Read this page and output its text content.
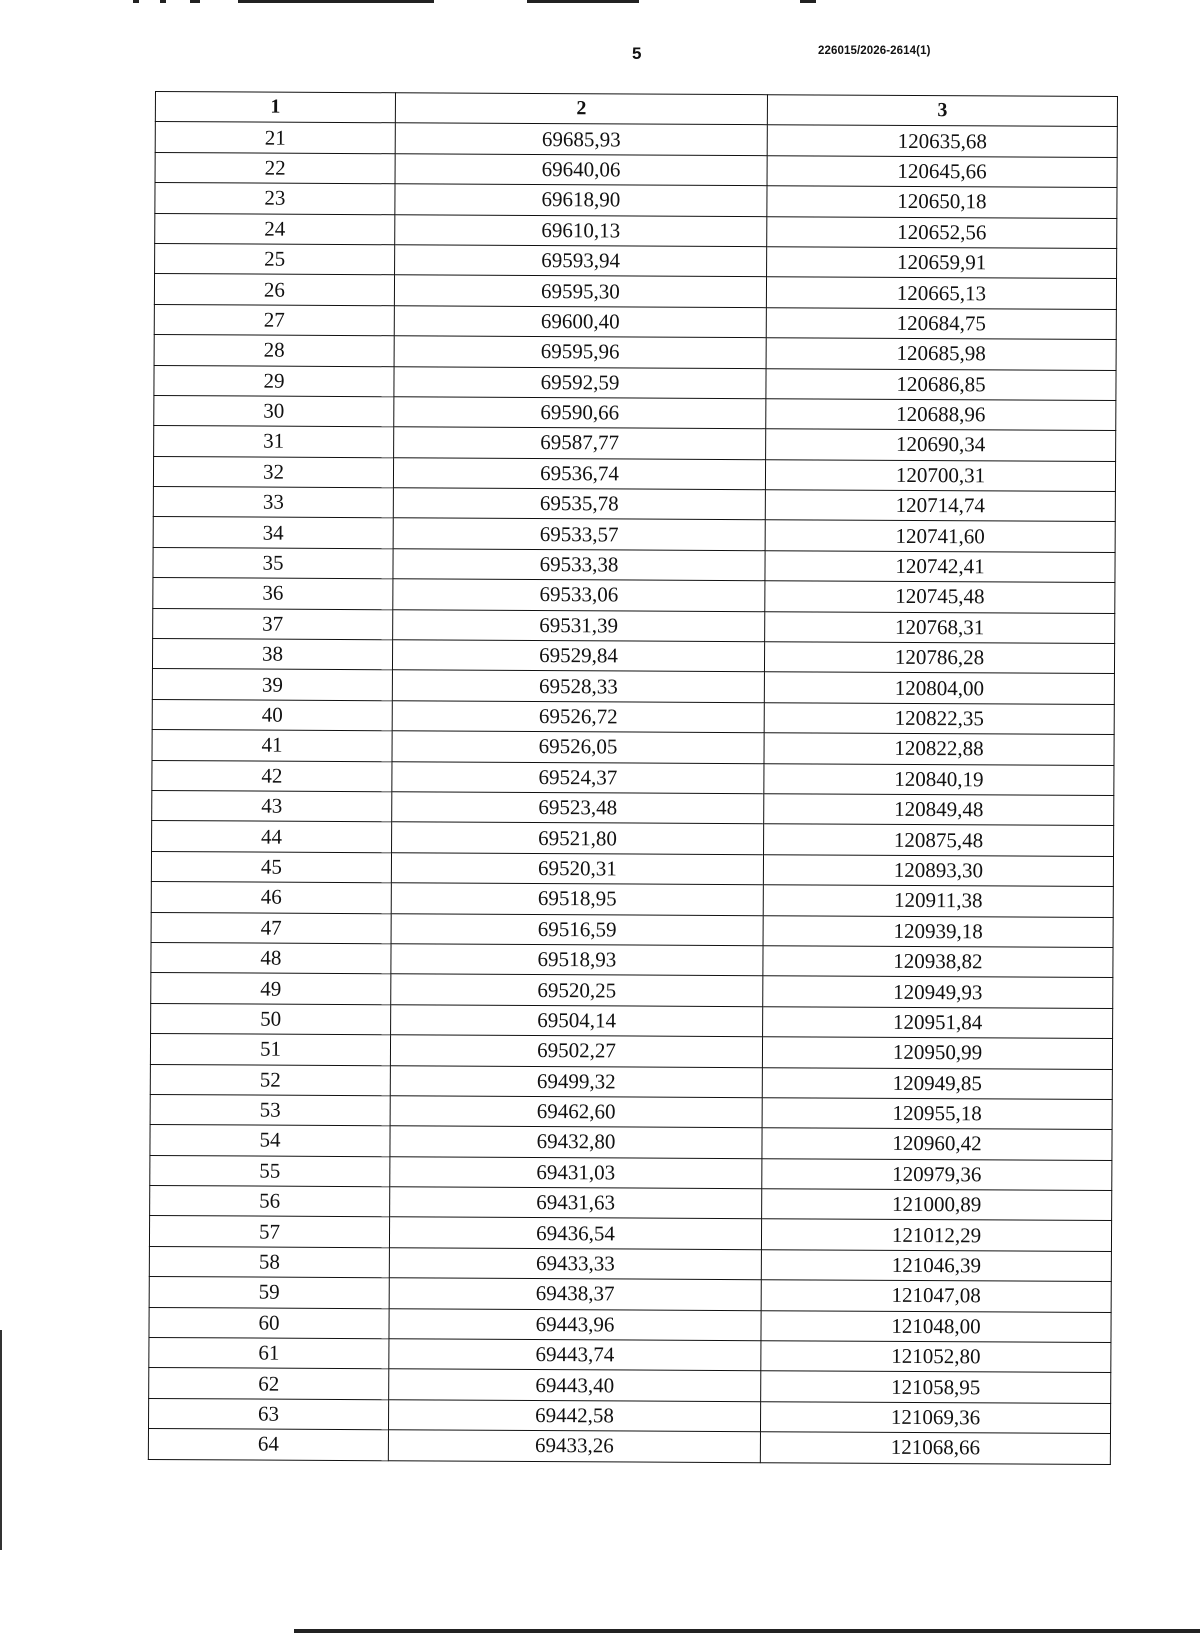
5	226015/2026-2614(1)
1	2	3
21	69685,93	120635,68
22	69640,06	120645,66
23	69618,90	120650,18
24	69610,13	120652,56
25	69593,94	120659,91
26	69595,30	120665,13
27	69600,40	120684,75
28	69595,96	120685,98
29	69592,59	120686,85
30	69590,66	120688,96
31	69587,77	120690,34
32	69536,74	120700,31
33	69535,78	120714,74
34	69533,57	120741,60
35	69533,38	120742,41
36	69533,06	120745,48
37	69531,39	120768,31
38	69529,84	120786,28
39	69528,33	120804,00
40	69526,72	120822,35
41	69526,05	120822,88
42	69524,37	120840,19
43	69523,48	120849,48
44	69521,80	120875,48
45	69520,31	120893,30
46	69518,95	120911,38
47	69516,59	120939,18
48	69518,93	120938,82
49	69520,25	120949,93
50	69504,14	120951,84
51	69502,27	120950,99
52	69499,32	120949,85
53	69462,60	120955,18
54	69432,80	120960,42
55	69431,03	120979,36
56	69431,63	121000,89
57	69436,54	121012,29
58	69433,33	121046,39
59	69438,37	121047,08
60	69443,96	121048,00
61	69443,74	121052,80
62	69443,40	121058,95
63	69442,58	121069,36
64	69433,26	121068,66
